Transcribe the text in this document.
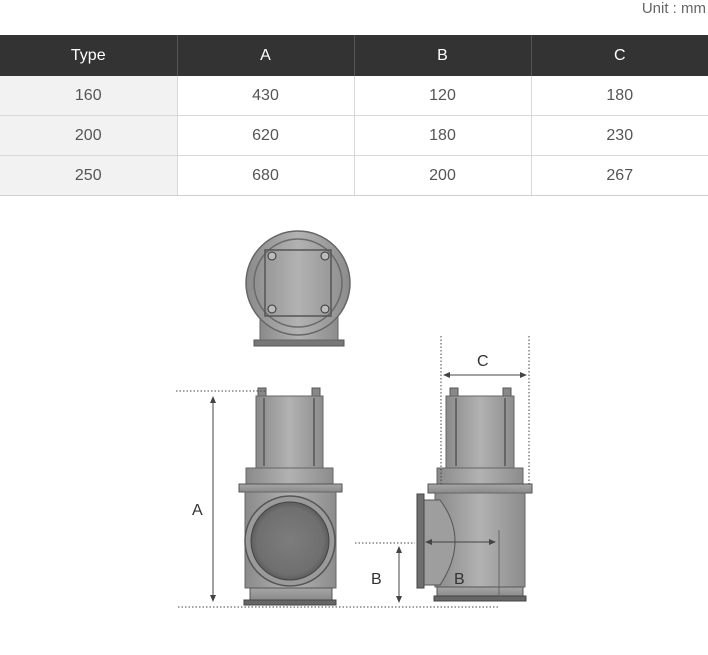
Unit : mm
Type	A	B	C
160	430	120	180
200	620	180	230
250	680	200	267
A
B	B
C
